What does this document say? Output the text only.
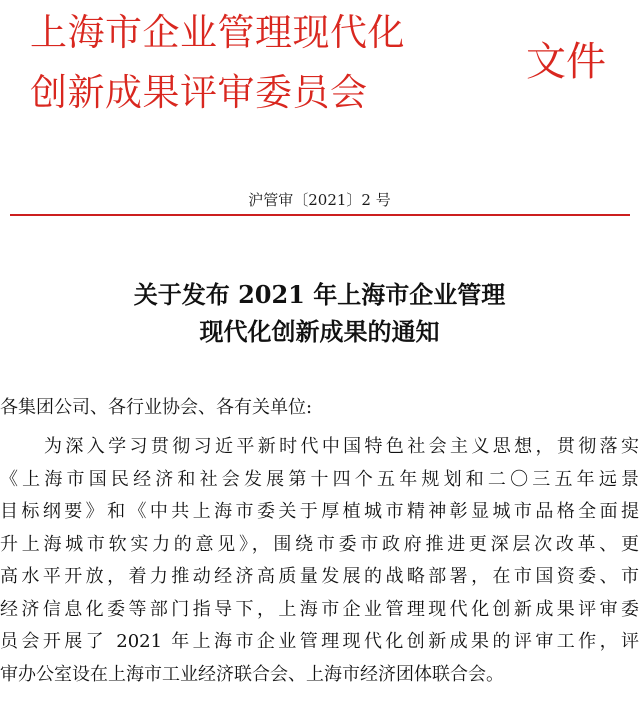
上海市企业管理现代化
创新成果评审委员会
文件
沪管审〔2021〕2 号
关于发布 2021 年上海市企业管理
现代化创新成果的通知
各集团公司、各行业协会、各有关单位:
为深入学习贯彻习近平新时代中国特色社会主义思想，贯彻落实
《上海市国民经济和社会发展第十四个五年规划和二〇三五年远景
目标纲要》和《中共上海市委关于厚植城市精神彰显城市品格全面提
升上海城市软实力的意见》，围绕市委市政府推进更深层次改革、更
高水平开放，着力推动经济高质量发展的战略部署，在市国资委、市
经济信息化委等部门指导下，上海市企业管理现代化创新成果评审委
员会开展了 2021 年上海市企业管理现代化创新成果的评审工作，评
审办公室设在上海市工业经济联合会、上海市经济团体联合会。
